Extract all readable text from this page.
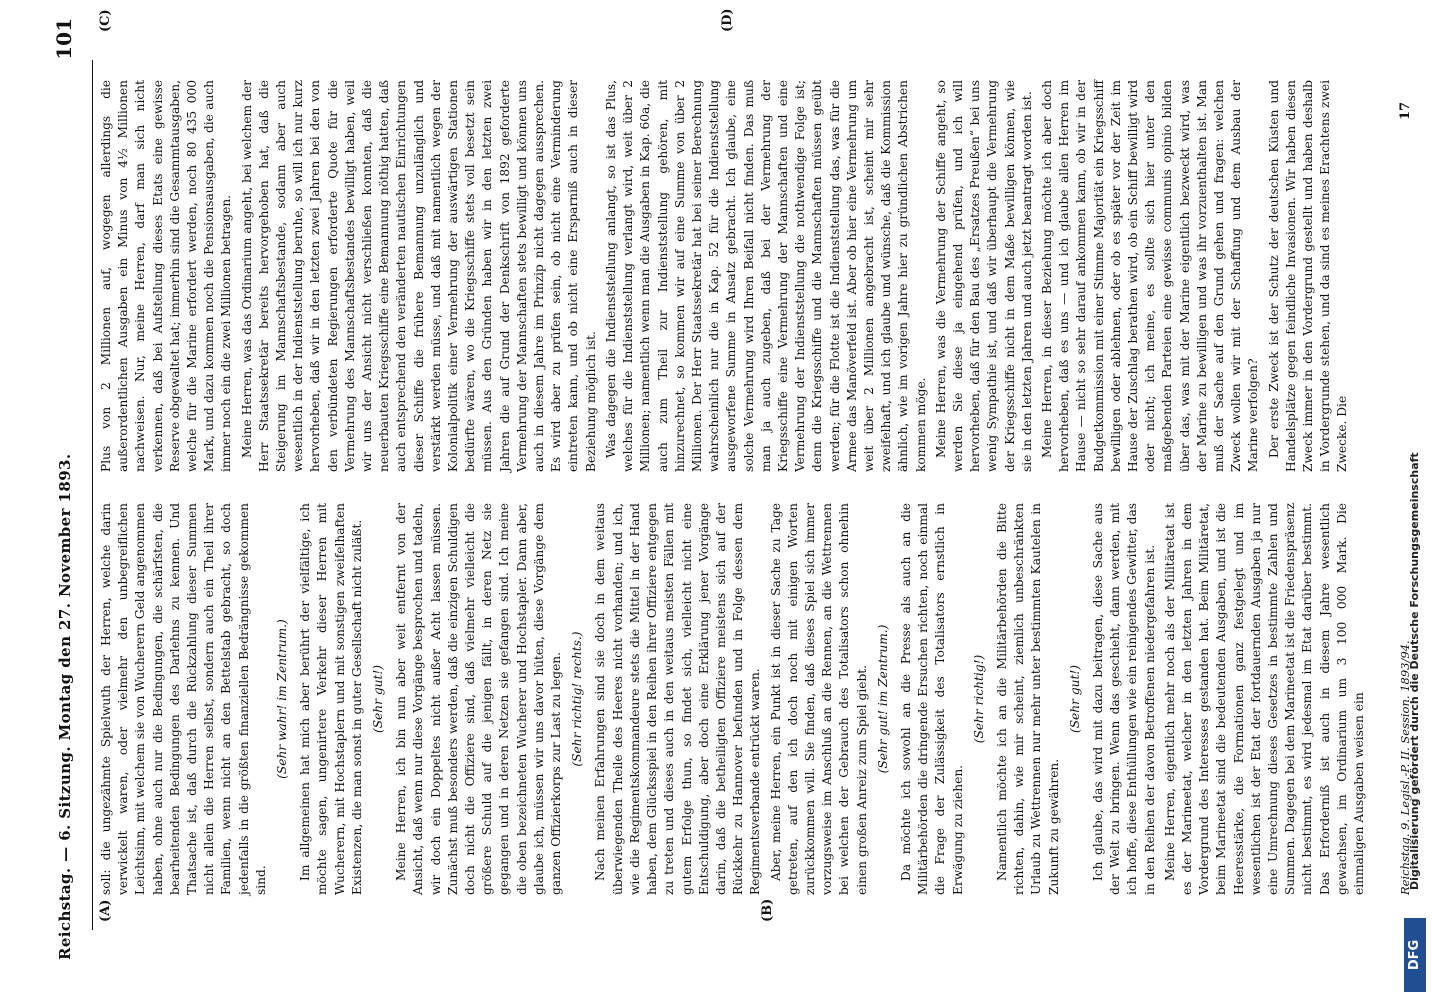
Reichstag. — 6. Sitzung. Montag den 27. November 1893.
101
(A)	(B)
(C)	(D)

soll: die ungezähmte Spielwuth der Herren, welche darin verwickelt waren, oder vielmehr den unbegreiflichen Leichtsinn, mit welchem sie von Wucherern Geld angenommen haben, ohne auch nur die Bedingungen, die schärfsten, die bearheitenden Bedingungen des Darlehns zu kennen. Und Thatsache ist, daß durch die Rückzahlung dieser Summen nicht allein die Herren selbst, sondern auch ein Theil ihrer Familien, wenn nicht an den Bettelstab gebracht, so doch jedenfalls in die größten finanziellen Bedrängnisse gekommen sind.

(Sehr wahr! im Zentrum.) Im allgemeinen hat mich aber berührt der vielfältige, ich möchte sagen, ungenirtere Verkehr dieser Herren mit Wucherern, mit Hochstaplern und mit sonstigen zweifelhaften Existenzen, die man sonst in guter Gesellschaft nicht zuläßt. (Sehr gut!) Meine Herren, ich bin nun aber weit entfernt von der Ansicht, daß wenn nur diese Vorgänge besprochen und tadeln, wir doch ein Doppeltes nicht außer Acht lassen müssen. Zunächst muß besonders werden, daß die einzigen Schuldigen doch nicht die Offiziere sind, daß vielmehr vielleicht die größere Schuld auf die jenigen fällt, in deren Netz sie gegangen und in deren Netzen sie gefangen sind. Ich meine die oben bezeichneten Wucherer und Hochstapler. Dann aber, glaube ich, müssen wir uns davor hüten, diese Vorgänge dem ganzen Offizierkorps zur Last zu legen. (Sehr richtig! rechts.) Nach meinen Erfahrungen sind sie doch in dem weitaus überwiegenden Theile des Heeres nicht vorhanden; und ich, wie die Regimentskommandeure stets die Mittel in der Hand haben, dem Glücksspiel in den Reihen ihrer Offiziere entgegen zu treten und dieses auch in den weitaus meisten Fällen mit gutem Erfolge thun, so findet sich, vielleicht nicht eine Entschuldigung, aber doch eine Erklärung jener Vorgänge darin, daß die betheiligten Offiziere meistens sich auf der Rückkehr zu Hannover befunden und in Folge dessen dem Regimentsverbande entrückt waren. Aber, meine Herren, ein Punkt ist in dieser Sache zu Tage getreten, auf den ich doch noch mit einigen Worten zurückkommen will. Sie finden, daß dieses Spiel sich immer vorzugsweise im Anschluß an die Rennen, an die Wettrennen bei welchen der Gebrauch des Totalisators schon ohnehin einen großen Anreiz zum Spiel giebt. (Sehr gut! im Zentrum.) Da möchte ich sowohl an die Presse als auch an die Militärbehörden die dringende Ersuchen richten, noch einmal die Frage der Zulässigkeit des Totalisators ernstlich in Erwägung zu ziehen.

(Sehr richtig!) Namentlich möchte ich an die Militärbehörden die Bitte richten, dahin, wie mir scheint, ziemlich unbeschränkten Urlaub zu Wettrennen nur mehr unter bestimmten Kautelen in Zukunft zu gewähren.

(Sehr gut!) Ich glaube, das wird mit dazu beitragen, diese Sache aus der Welt zu bringen. Wenn das geschieht, dann werden, mit ich hoffe, diese Enthüllungen wie ein reinigendes Gewitter, das in den Reihen der davon Betroffenen niedergefahren ist. Meine Herren, eigentlich mehr noch als der Militäretat ist es der Marineetat, welcher in den letzten Jahren in dem Vordergrund des Interesses gestanden hat. Beim Militäretat, beim Marineetat sind die bedeutenden Ausgaben, und ist die Heeresstärke, die Formationen ganz festgelegt und im wesentlichen ist der Etat der fortdauernden Ausgaben ja nur eine Umrechnung dieses Gesetzes in bestimmte Zahlen und Summen. Dagegen bei dem Marineetat ist die Friedenspräsenz nicht bestimmt, es wird jedesmal im Etat darüber bestimmt. Das Erforderniß ist auch in diesem Jahre wesentlich gewachsen, im Ordinarium um 3 100 000 Mark. Die einmaligen Ausgaben weisen ein

Plus von 2 Millionen auf, wogegen allerdings die außerordentlichen Ausgaben ein Minus von 4½ Millionen nachweisen. Nur, meine Herren, darf man sich nicht verkennen, daß bei Aufstellung dieses Etats eine gewisse Reserve obgewaltet hat; immerhin sind die Gesammtausgaben, welche für die Marine erfordert werden, noch 80 435 000 Mark, und dazu kommen noch die Pensionsausgaben, die auch immer noch ein die zwei Millionen betragen. Meine Herren, was das Ordinarium angeht, bei welchem der Herr Staatssekretär bereits hervorgehoben hat, daß die Steigerung im Mannschaftsbestande, sodann aber auch wesentlich in der Indienststellung beruhe, so will ich nur kurz hervorheben, daß wir in den letzten zwei Jahren bei den von den verbündeten Regierungen erforderte Quote für die Vermehrung des Mannschaftsbestandes bewilligt haben, weil wir uns der Ansicht nicht verschließen konnten, daß die neuerbauten Kriegsschiffe eine Bemannung nöthig hatten, daß auch entsprechend den veränderten nautischen Einrichtungen dieser Schiffe die frühere Bemannung unzulänglich und verstärkt werden müsse, und daß mit namentlich wegen der Kolonialpolitik einer Vermehrung der auswärtigen Stationen bedürfte wären, wo die Kriegsschiffe stets voll besetzt sein müssen. Aus den Gründen haben wir in den letzten zwei Jahren die auf Grund der Denkschrift von 1892 geforderte Vermehrung der Mannschaften stets bewilligt und können uns auch in diesem Jahre im Prinzip nicht dagegen aussprechen. Es wird aber zu prüfen sein, ob nicht eine Verminderung eintreten kann, und ob nicht eine Ersparniß auch in dieser Beziehung möglich ist. Was dagegen die Indienststellung anlangt, so ist das Plus, welches für die Indienststellung verlangt wird, weit über 2 Millionen; namentlich wenn man die Ausgaben in Kap. 60a, die auch zum Theil zur Indienststellung gehören, mit hinzurechnet, so kommen wir auf eine Summe von über 2 Millionen. Der Herr Staatssekretär hat bei seiner Berechnung wahrscheinlich nur die in Kap. 52 für die Indienststellung ausgeworfene Summe in Ansatz gebracht. Ich glaube, eine solche Vermehrung wird Ihren Beifall nicht finden. Das muß man ja auch zugeben, daß bei der Vermehrung der Kriegsschiffe eine Vermehrung der Mannschaften und eine Vermehrung der Indienststellung die nothwendige Folge ist; denn die Kriegsschiffe und die Mannschaften müssen geübt werden; für die Flotte ist die Indienststellung das, was für die Armee das Manöverfeld ist. Aber ob hier eine Vermehrung um weit über 2 Millionen angebracht ist, scheint mir sehr zweifelhaft, und ich glaube und wünsche, daß die Kommission ähnlich, wie im vorigen Jahre hier zu gründlichen Abstrichen kommen möge. Meine Herren, was die Vermehrung der Schiffe angeht, so werden Sie diese ja eingehend prüfen, und ich will hervorheben, daß für den Bau des „Ersatzes Preußen“ bei uns wenig Sympathie ist, und daß wir überhaupt die Vermehrung der Kriegsschiffe nicht in dem Maße bewilligen können, wie sie in den letzten Jahren und auch jetzt beantragt worden ist. Meine Herren, in dieser Beziehung möchte ich aber doch hervorheben, daß es uns — und ich glaube allen Herren im Hause — nicht so sehr darauf ankommen kann, ob wir in der Budgetkommission mit einer Stimme Majorität ein Kriegsschiff bewilligen oder ablehnen, oder ob es später vor der Zeit im Hause der Zuschlag berathen wird, ob ein Schiff bewilligt wird oder nicht; ich meine, es sollte sich hier unter den maßgebenden Parteien eine gewisse communis opinio bilden über das, was mit der Marine eigentlich bezweckt wird, was der Marine zu bewilligen und was ihr vorzuenthalten ist. Man muß der Sache auf den Grund gehen und fragen: welchen Zweck wollen wir mit der Schaffung und dem Ausbau der Marine verfolgen? Der erste Zweck ist der Schutz der deutschen Küsten und Handelsplätze gegen feindliche Invasionen. Wir haben diesen Zweck immer in den Vordergrund gestellt und haben deshalb in Vordergrunde stehen, und da sind es meines Erachtens zwei Zwecke. Die

Reichstag. 9. Legisl.-P. II. Session. 1893/94.
17
DFG
Digitalisierung gefördert durch die Deutsche Forschungsgemeinschaft
